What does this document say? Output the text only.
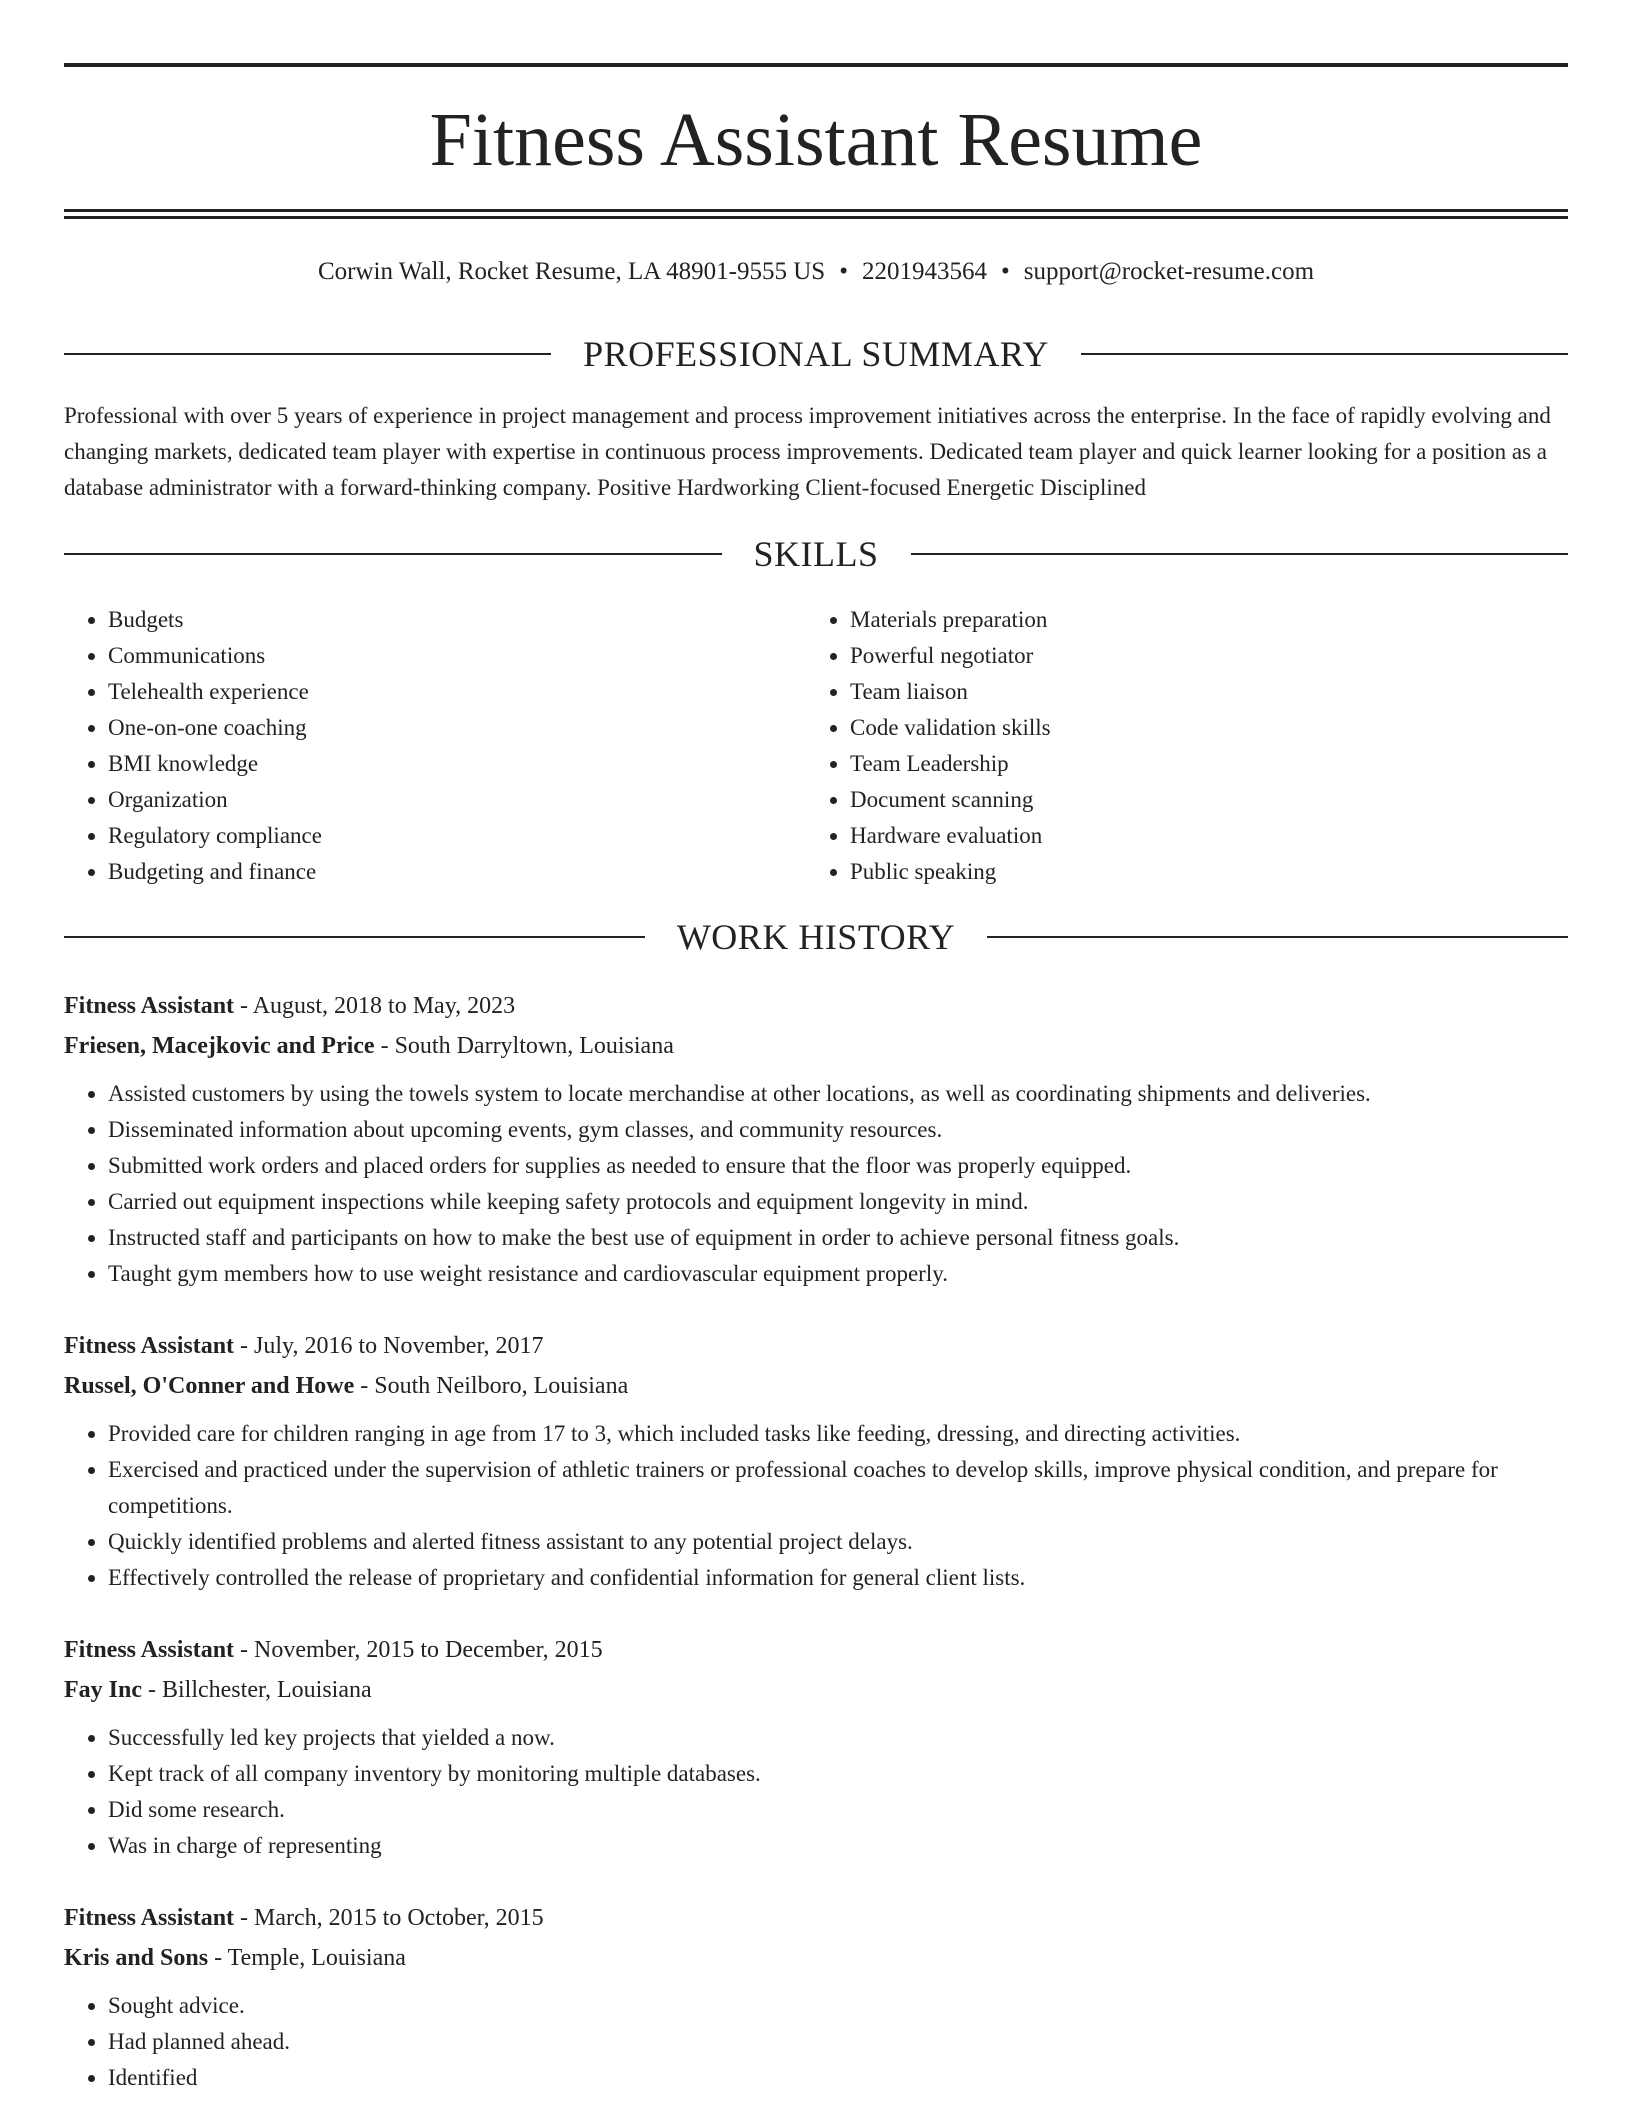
Fitness Assistant Resume
Corwin Wall, Rocket Resume, LA 48901-9555 US • 2201943564 • support@rocket-resume.com
PROFESSIONAL SUMMARY

Professional with over 5 years of experience in project management and process improvement initiatives across the enterprise. In the face of rapidly evolving and changing markets, dedicated team player with expertise in continuous process improvements. Dedicated team player and quick learner looking for a position as a database administrator with a forward-thinking company. Positive Hardworking Client-focused Energetic Disciplined

SKILLS
• Budgets
• Communications
• Telehealth experience
• One-on-one coaching
• BMI knowledge
• Organization
• Regulatory compliance
• Budgeting and finance
• Materials preparation
• Powerful negotiator
• Team liaison
• Code validation skills
• Team Leadership
• Document scanning
• Hardware evaluation
• Public speaking
WORK HISTORY

Fitness Assistant - August, 2018 to May, 2023

Friesen, Macejkovic and Price - South Darryltown, Louisiana

• Assisted customers by using the towels system to locate merchandise at other locations, as well as coordinating shipments and deliveries.
• Disseminated information about upcoming events, gym classes, and community resources.
• Submitted work orders and placed orders for supplies as needed to ensure that the floor was properly equipped.
• Carried out equipment inspections while keeping safety protocols and equipment longevity in mind.
• Instructed staff and participants on how to make the best use of equipment in order to achieve personal fitness goals.
• Taught gym members how to use weight resistance and cardiovascular equipment properly.

Fitness Assistant - July, 2016 to November, 2017

Russel, O'Conner and Howe - South Neilboro, Louisiana

• Provided care for children ranging in age from 17 to 3, which included tasks like feeding, dressing, and directing activities.
• Exercised and practiced under the supervision of athletic trainers or professional coaches to develop skills, improve physical condition, and prepare for competitions.
• Quickly identified problems and alerted fitness assistant to any potential project delays.
• Effectively controlled the release of proprietary and confidential information for general client lists.

Fitness Assistant - November, 2015 to December, 2015

Fay Inc - Billchester, Louisiana

• Successfully led key projects that yielded a now.
• Kept track of all company inventory by monitoring multiple databases.
• Did some research.
• Was in charge of representing

Fitness Assistant - March, 2015 to October, 2015

Kris and Sons - Temple, Louisiana

• Sought advice.
• Had planned ahead.
• Identified
